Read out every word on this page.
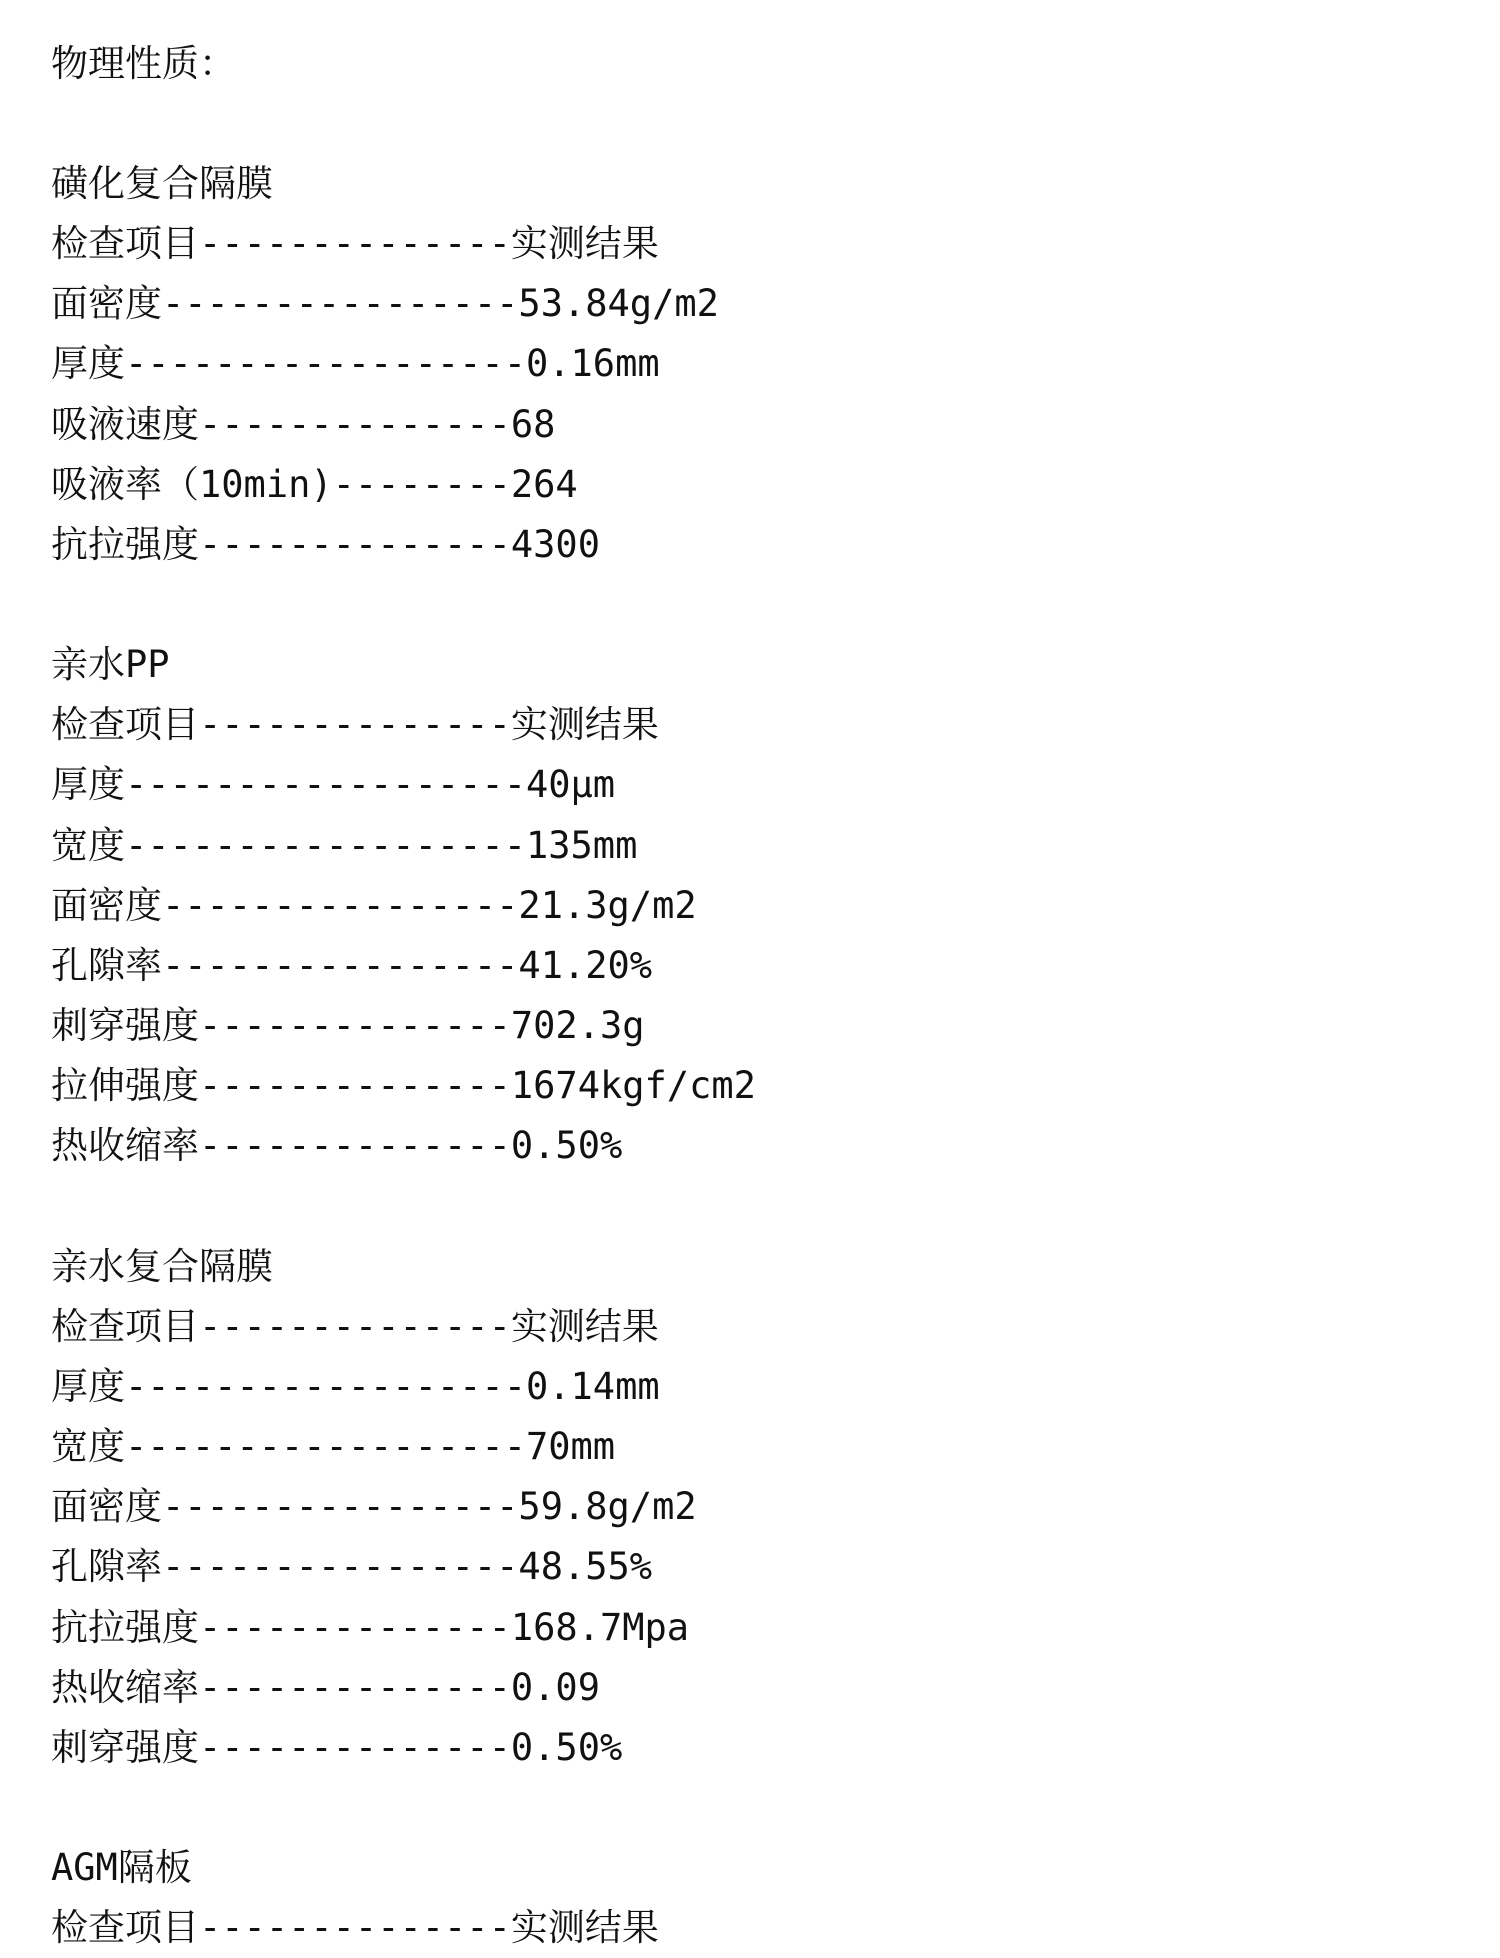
物理性质：
磺化复合隔膜
检查项目--------------实测结果
面密度----------------53.84g/m2
厚度------------------0.16mm
吸液速度--------------68
吸液率（10min)--------264
抗拉强度--------------4300
亲水PP
检查项目--------------实测结果
厚度------------------40μm
宽度------------------135mm
面密度----------------21.3g/m2
孔隙率----------------41.20%
刺穿强度--------------702.3g
拉伸强度--------------1674kgf/cm2
热收缩率--------------0.50%
亲水复合隔膜
检查项目--------------实测结果
厚度------------------0.14mm
宽度------------------70mm
面密度----------------59.8g/m2
孔隙率----------------48.55%
抗拉强度--------------168.7Mpa
热收缩率--------------0.09
刺穿强度--------------0.50%
AGM隔板
检查项目--------------实测结果
